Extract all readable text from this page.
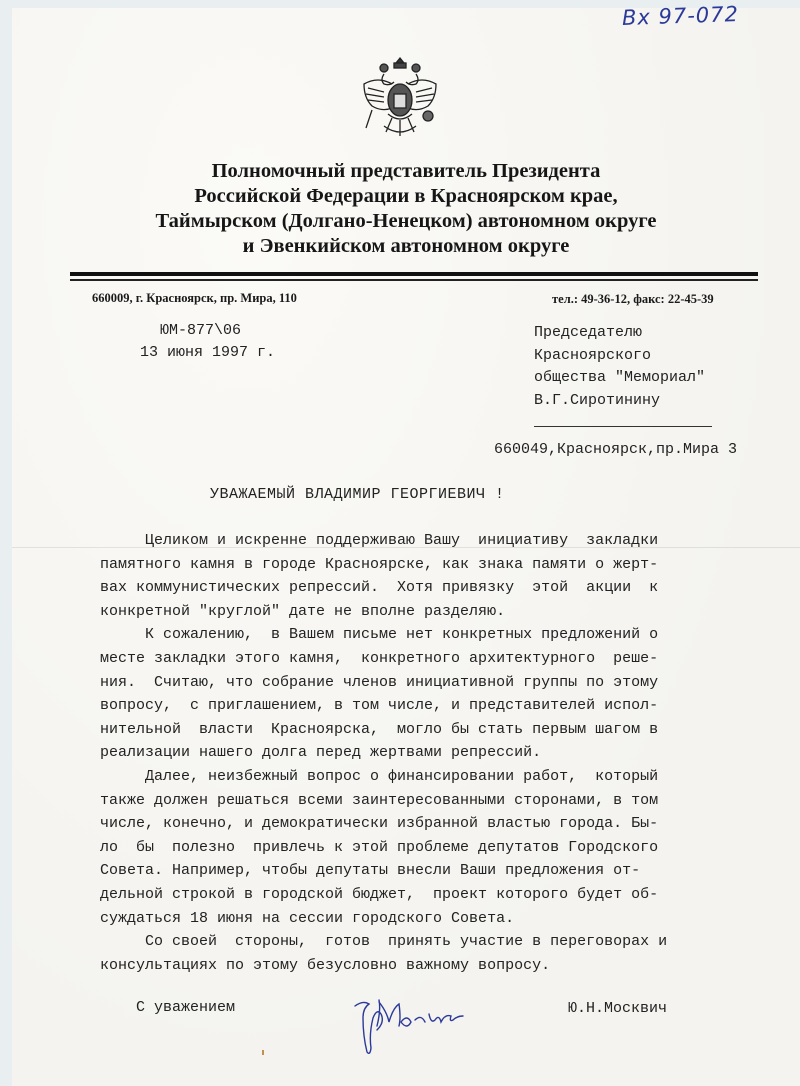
Вх 97-072
Полномочный представитель Президента
Российской Федерации в Красноярском крае,
Таймырском (Долгано-Ненецком) автономном округе
и Эвенкийском автономном округе
660009, г. Красноярск, пр. Мира, 110	тел.: 49-36-12, факс: 22-45-39
ЮМ-877\06
13 июня 1997 г.
Председателю
Красноярского
общества "Мемориал"
В.Г.Сиротинину
660049,Красноярск,пр.Мира 3
УВАЖАЕМЫЙ ВЛАДИМИР ГЕОРГИЕВИЧ !
Целиком и искренне поддерживаю Вашу  инициативу  закладки
памятного камня в городе Красноярске, как знака памяти о жерт-
вах коммунистических репрессий.  Хотя привязку  этой  акции  к
конкретной "круглой" дате не вполне разделяю.
К сожалению,  в Вашем письме нет конкретных предложений о
месте закладки этого камня,  конкретного архитектурного  реше-
ния.  Считаю, что собрание членов инициативной группы по этому
вопросу,  с приглашением, в том числе, и представителей испол-
нительной  власти  Красноярска,  могло бы стать первым шагом в
реализации нашего долга перед жертвами репрессий.
Далее, неизбежный вопрос о финансировании работ,  который
также должен решаться всеми заинтересованными сторонами, в том
числе, конечно, и демократически избранной властью города. Бы-
ло  бы  полезно  привлечь к этой проблеме депутатов Городского
Совета. Например, чтобы депутаты внесли Ваши предложения от-
дельной строкой в городской бюджет,  проект которого будет об-
суждаться 18 июня на сессии городского Совета.
Со своей  стороны,  готов  принять участие в переговорах и
консультациях по этому безусловно важному вопросу.
С уважением	Ю.Н.Москвич
